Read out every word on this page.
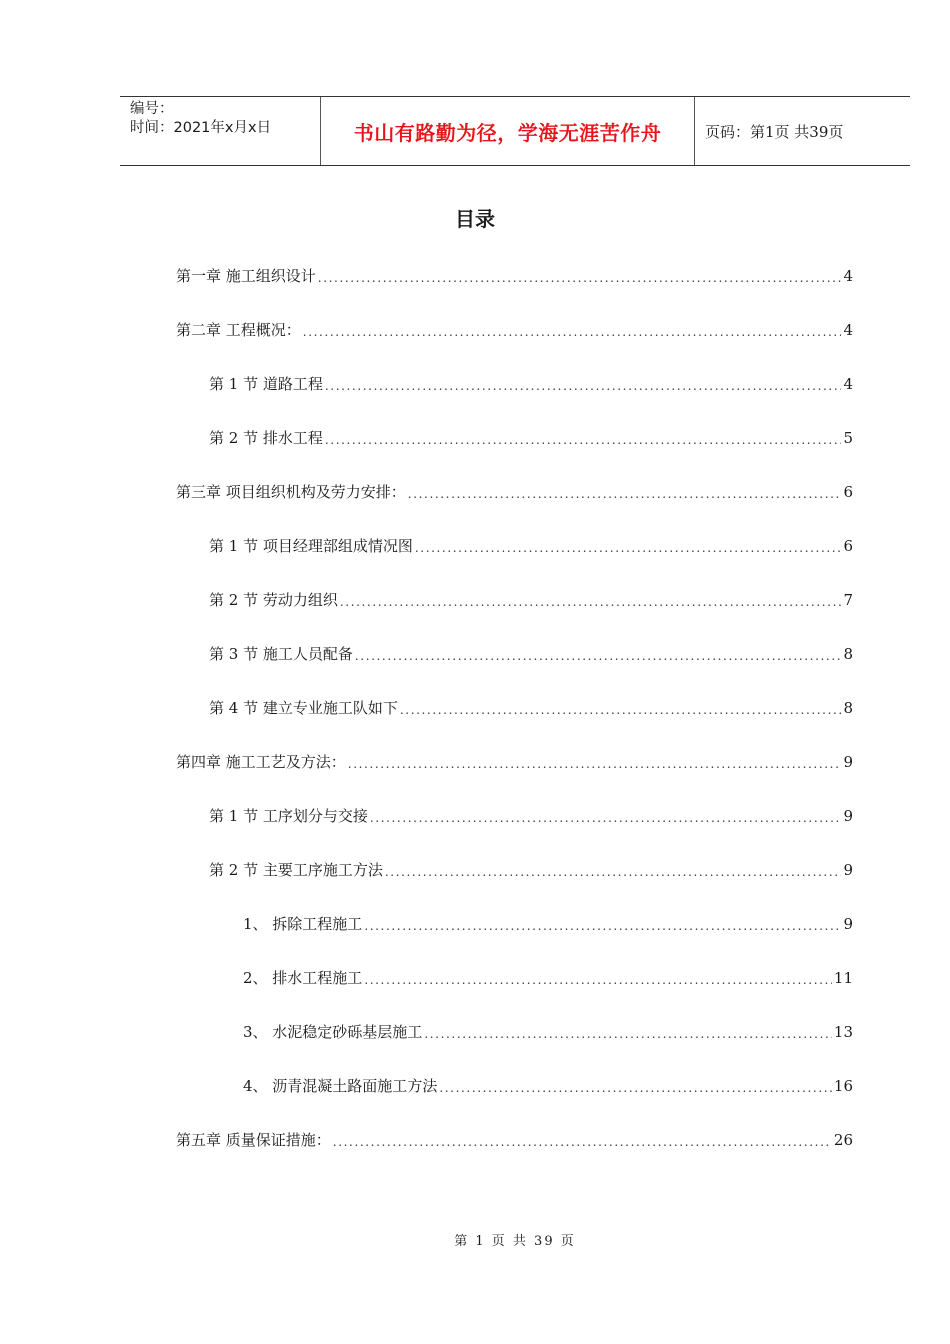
编号：
时间：2021年x月x日	书山有路勤为径，学海无涯苦作舟	页码：第1页 共39页
目录
第一章 施工组织设计 .....	4
第二章 工程概况： .....	4
第 1 节 道路工程 .....	4
第 2 节 排水工程 .....	5
第三章 项目组织机构及劳力安排： .....	6
第 1 节 项目经理部组成情况图 .....	6
第 2 节 劳动力组织 .....	7
第 3 节 施工人员配备 .....	8
第 4 节 建立专业施工队如下 .....	8
第四章 施工工艺及方法： .....	9
第 1 节 工序划分与交接 .....	9
第 2 节 主要工序施工方法 .....	9
1、 拆除工程施工 .....	9
2、 排水工程施工 .....	11
3、 水泥稳定砂砾基层施工 .....	13
4、 沥青混凝土路面施工方法 .....	16
第五章 质量保证措施： .....	26
第 1 页 共 39 页
